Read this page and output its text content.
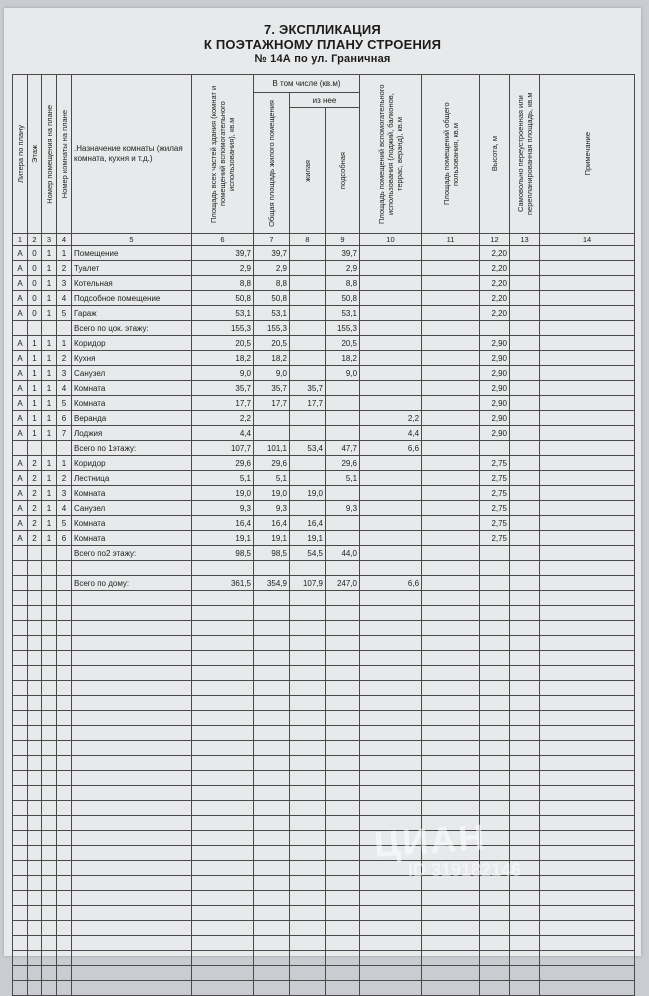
7. ЭКСПЛИКАЦИЯ
К ПОЭТАЖНОМУ ПЛАНУ СТРОЕНИЯ
№ 14А по ул. Граничная
Литера по плану	Этаж	Номер помещения на плане	Номер комнаты на плане	.Назначение комнаты (жилая комната, кухня и т.д.)	Площадь всех частей здания (комнат и помещений вспомогательного использования), кв.м	В том числе (кв.м)			Площадь помещений вспомогательного использования (лоджий, балконов, террас, веранд), кв.м	Площадь помещений общего пользования, кв.м	Высота, м	Самовольно переустроенная или перепланированная площадь, кв.м	Примечание

						Общая площадь жилого помещения	из нее						

							жилая	подсобная					

1	2	3	4	5	6	7	8	9	10	11	12	13	14
А	0	1	1	Помещение	39,7	39,7		39,7			2,20		
А	0	1	2	Туалет	2,9	2,9		2,9			2,20		
А	0	1	3	Котельная	8,8	8,8		8,8			2,20		
А	0	1	4	Подсобное помещение	50,8	50,8		50,8			2,20		
А	0	1	5	Гараж	53,1	53,1		53,1			2,20		
				Всего по цок. этажу:	155,3	155,3		155,3					
А	1	1	1	Коридор	20,5	20,5		20,5			2,90		
А	1	1	2	Кухня	18,2	18,2		18,2			2,90		
А	1	1	3	Санузел	9,0	9,0		9,0			2,90		
А	1	1	4	Комната	35,7	35,7	35,7				2,90		
А	1	1	5	Комната	17,7	17,7	17,7				2,90		
А	1	1	6	Веранда	2,2				2,2		2,90		
А	1	1	7	Лоджия	4,4				4,4		2,90		
				Всего по 1этажу:	107,7	101,1	53,4	47,7	6,6				
А	2	1	1	Коридор	29,6	29,6		29,6			2,75		
А	2	1	2	Лестница	5,1	5,1		5,1			2,75		
А	2	1	3	Комната	19,0	19,0	19,0				2,75		
А	2	1	4	Санузел	9,3	9,3		9,3			2,75		
А	2	1	5	Комната	16,4	16,4	16,4				2,75		
А	2	1	6	Комната	19,1	19,1	19,1				2,75		
				Всего по2 этажу:	98,5	98,5	54,5	44,0					

				Всего по дому:	361,5	354,9	107,9	247,0	6,6				

ЦИАН
ID 319182146
